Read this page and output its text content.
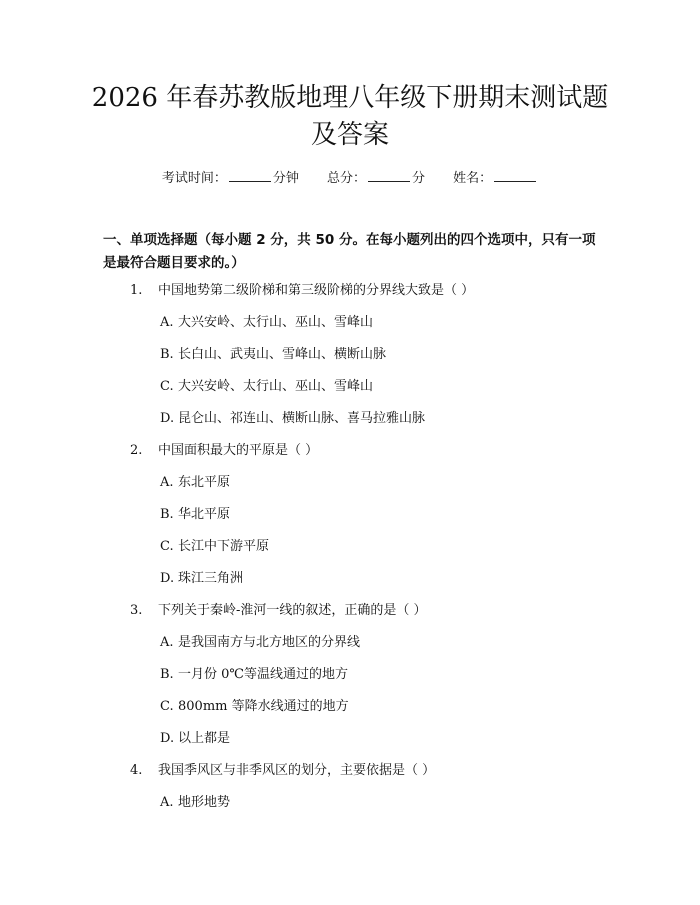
2026 年春苏教版地理八年级下册期末测试题
及答案
考试时间：	分钟 总分：	分 姓名：
一、单项选择题（每小题 2 分，共 50 分。在每小题列出的四个选项中，只有一项是最符合题目要求的。）
1. 中国地势第二级阶梯和第三级阶梯的分界线大致是（ ）
A. 大兴安岭、太行山、巫山、雪峰山
B. 长白山、武夷山、雪峰山、横断山脉
C. 大兴安岭、太行山、巫山、雪峰山
D. 昆仑山、祁连山、横断山脉、喜马拉雅山脉
2. 中国面积最大的平原是（ ）
A. 东北平原
B. 华北平原
C. 长江中下游平原
D. 珠江三角洲
3. 下列关于秦岭-淮河一线的叙述，正确的是（ ）
A. 是我国南方与北方地区的分界线
B. 一月份 0℃等温线通过的地方
C. 800mm 等降水线通过的地方
D. 以上都是
4. 我国季风区与非季风区的划分，主要依据是（ ）
A. 地形地势
